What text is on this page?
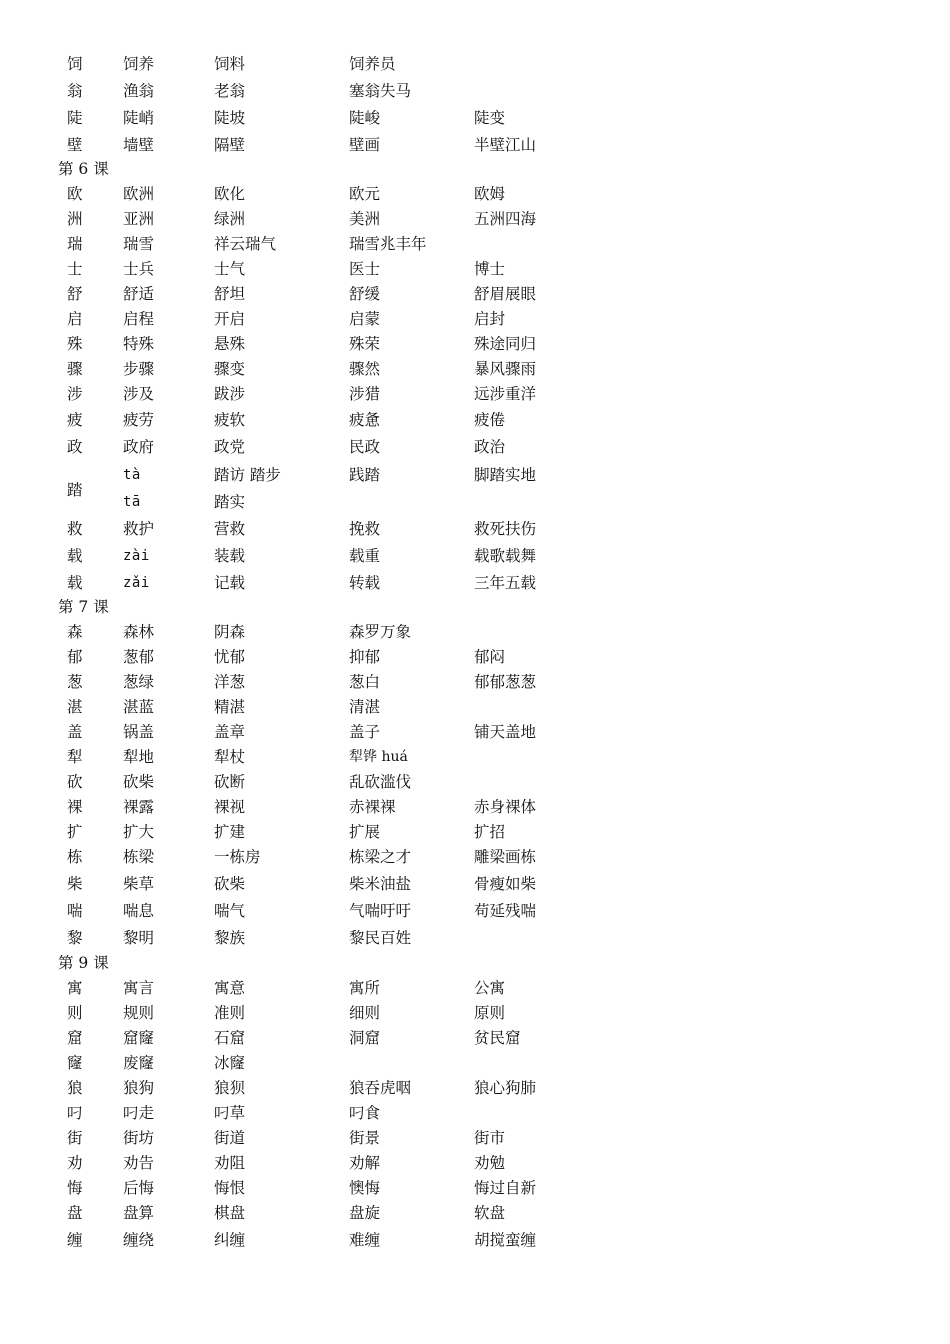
饲	饲养	饲料	饲养员
翁	渔翁	老翁	塞翁失马
陡	陡峭	陡坡	陡峻	陡变
壁	墙壁	隔壁	壁画	半壁江山
第 6 课
欧	欧洲	欧化	欧元	欧姆
洲	亚洲	绿洲	美洲	五洲四海
瑞	瑞雪	祥云瑞气	瑞雪兆丰年
士	士兵	士气	医士	博士
舒	舒适	舒坦	舒缓	舒眉展眼
启	启程	开启	启蒙	启封
殊	特殊	悬殊	殊荣	殊途同归
骤	步骤	骤变	骤然	暴风骤雨
涉	涉及	跋涉	涉猎	远涉重洋
疲	疲劳	疲软	疲惫	疲倦
政	政府	政党	民政	政治
踏
tà	踏访 踏步	践踏	脚踏实地
tā	踏实
救	救护	营救	挽救	救死扶伤
载	zài	装载	载重	载歌载舞
载	zǎi	记载	转载	三年五载
第 7 课
森	森林	阴森	森罗万象
郁	葱郁	忧郁	抑郁	郁闷
葱	葱绿	洋葱	葱白	郁郁葱葱
湛	湛蓝	精湛	清湛
盖	锅盖	盖章	盖子	铺天盖地
犁	犁地	犁杖	犁铧 huá
砍	砍柴	砍断	乱砍滥伐
裸	裸露	裸视	赤裸裸	赤身裸体
扩	扩大	扩建	扩展	扩招
栋	栋梁	一栋房	栋梁之才	雕梁画栋
柴	柴草	砍柴	柴米油盐	骨瘦如柴
喘	喘息	喘气	气喘吁吁	苟延残喘
黎	黎明	黎族	黎民百姓
第 9 课
寓	寓言	寓意	寓所	公寓
则	规则	准则	细则	原则
窟	窟窿	石窟	洞窟	贫民窟
窿	废窿	冰窿
狼	狼狗	狼狈	狼吞虎咽	狼心狗肺
叼	叼走	叼草	叼食
街	街坊	街道	街景	街市
劝	劝告	劝阻	劝解	劝勉
悔	后悔	悔恨	懊悔	悔过自新
盘	盘算	棋盘	盘旋	软盘
缠	缠绕	纠缠	难缠	胡搅蛮缠
